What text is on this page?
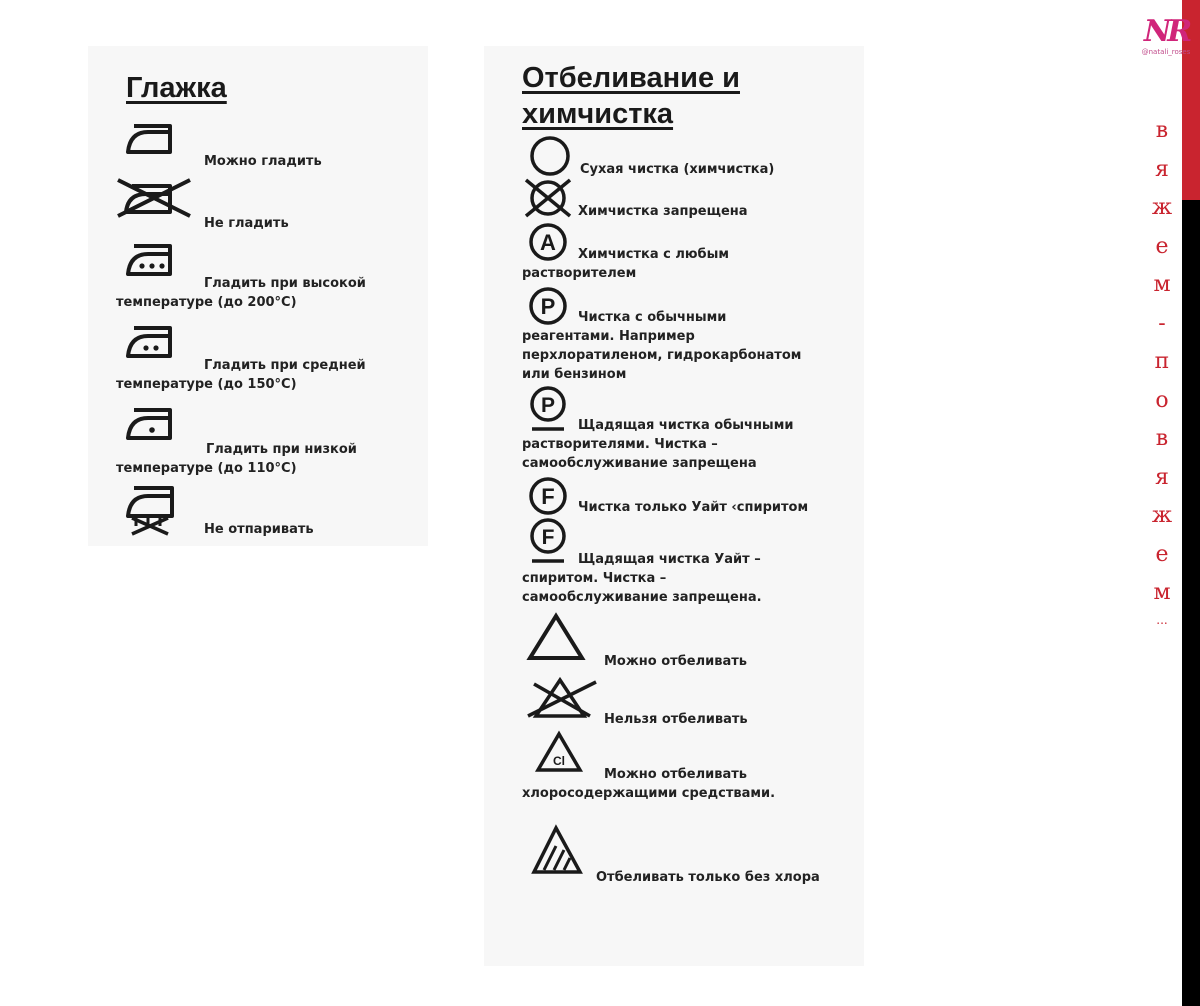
Глажка

Можно гладить

Не гладить

Гладить при высокой
температуре (до 200°C)

Гладить при средней
температуре (до 150°C)

Гладить при низкой
температуре (до 110°C)

Не отпаривать

Отбеливание и
химчистка

Сухая чистка (химчистка)

Химчистка запрещена

A	Химчистка с любым
растворителем

P	Чистка с обычными
реагентами. Например
перхлоратиленом, гидрокарбонатом
или бензином

P

Щадящая чистка обычными
растворителями. Чистка –
самообслуживание запрещена

F Чистка только Уайт ‹спиритом

F

Щадящая чистка Уайт –
спиритом. Чистка –
самообслуживание запрещена.

Можно отбеливать

Нельзя отбеливать

Cl

Можно отбеливать
хлоросодержащими средствами.

Отбеливать только без хлора

NR
@natali_roses
в
я
ж
е
м
-
п
о
в
я
ж
е
м
...
